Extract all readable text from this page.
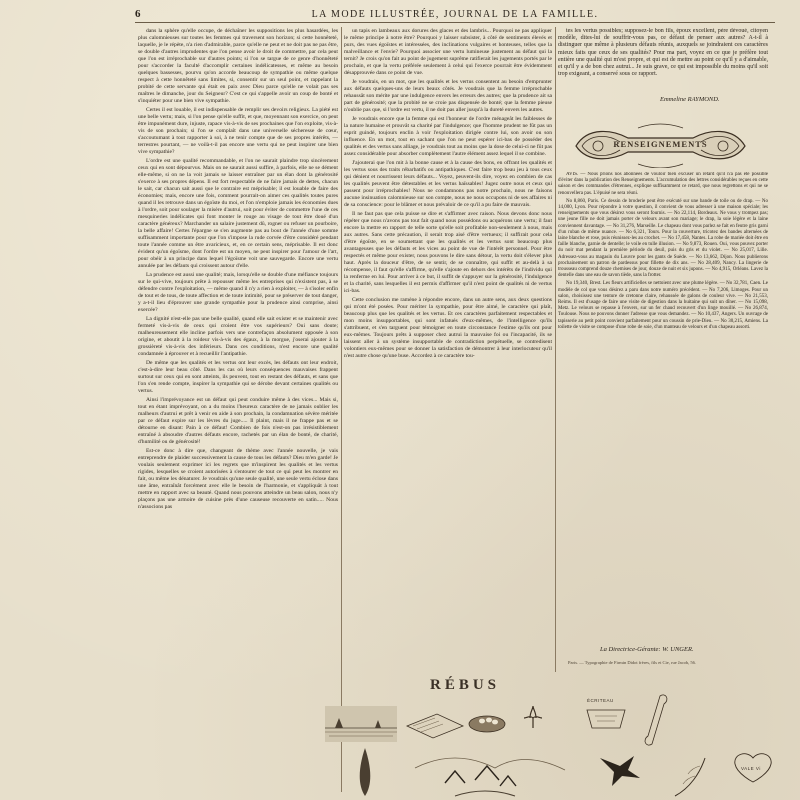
6	LA MODE ILLUSTRÉE, JOURNAL DE LA FAMILLE.

dans la sphère qu'elle occupe, de déchaîner les suppositions les plus hasardées, les plus calomnieuses sur toutes les femmes qui traversent son horizon; si cette honnêteté, laquelle, je le répète, n'a rien d'admirable, parce qu'elle ne peut et ne doit pas ne pas être, se double d'autres imprudentes que l'on pense avoir le droit de commettre, par cela peut que l'on est irréprochable sur d'autres points; si l'on se targue de ce genre d'honnêteté pour s'accorder la faculté d'accomplir certaines indélicatesses, et même au besoin quelques bassesses, pourvu qu'on accorde beaucoup de sympathie ou même quelque respect à cette honnêteté sans limites, si, consentir sur un seul point, et rappelant la probité de cette servante qui était en paix avec Dieu parce qu'elle ne volait pas ses maîtres le dimanche, jour du Seigneur? C'est ce qui s'appelle avoir un coup de bonté et s'inquiéter pour une bien vive sympathie.

Certes il est louable, il est indispensable de remplir ses devoirs religieux. La piété est une belle vertu; mais, si l'on pense qu'elle suffit, et que, moyennant son exercice, on peut être impunément dure, injuste, rapace vis-à-vis de ses prochaines que l'on exploite, vis-à-vis de son prochain; si l'on se complaît dans une universelle sécheresse de cœur, s'accoutumant à tout rapporter à soi, à ne tenir compte que de ses propres intérêts, — terrestres pourtant, — ne voilà-t-il pas encore une vertu qui ne peut inspirer une bien vive sympathie?

L'ordre est une qualité recommandable, et l'on ne saurait plaindre trop sincèrement ceux qui en sont dépourvus. Mais on ne saurait aussi suffire, à parfois, elle ne se dément elle-même, si on ne la voit jamais se laisser entraîner par un élan dont la générosité s'exerce à ses propres dépens. Il est fort respectable de ne faire jamais de dettes, chacun le sait, car chacun sait aussi que le contraire est méprisable; il est louable de faire des économies; mais, encore une fois, comment pourrait-on aimer ces qualités toutes pures quand il les retrouve dans un égoïste du moi, et l'on n'emploie jamais les économies dues à l'ordre, soit pour soulager la misère d'autrui, soit pour éviter de commettre l'une de ces mesquineries indélicates qui font monter le rouge au visage de tout être doué d'un caractère généreux? Marchander un salaire justement dû, rogner ou refuser un pourboire, la belle affaire! Certes l'épargne se s'en augmente pas au bout de l'année d'une somme suffisamment importante pour que l'on s'impose la rude corvée d'être considéré pendant toute l'année comme un être avaricieux, et, en ce certain sens, méprisable. Il est donc évident qu'un égoïsme, dont l'ordre est un moyen, ne peut inspirer pour l'amour de l'art, pour obéir à un principe dans lequel l'égoïsme voit une sauvegarde. Encore une vertu annulée par les défauts qui croissent autour d'elle.

La prudence est aussi une qualité; mais, lorsqu'elle se double d'une méfiance toujours sur le qui-vive, toujours prête à repousser même les entreprises qui n'existent pas, à se défendre contre l'exploitation, — même quand il n'y a rien à exploiter, — à s'isoler enfin de tout et de tous, de toute affection et de toute intimité, pour se préserver de tout danger, y a-t-il lieu d'éprouver une grande sympathie pour la prudence ainsi comprise, ainsi exercée?

La dignité n'est-elle pas une belle qualité, quand elle sait exister et se maintenir avec fermeté vis-à-vis de ceux qui croient être vos supérieurs? Oui sans doute; malheureusement elle incline parfois vers une contrefaçon absolument opposée à son origine, et aboutit à la roideur vis-à-vis des égaux, à la morgue, j'oserai ajouter à la grossièreté vis-à-vis des inférieurs. Dans ces conditions, n'est encore une qualité condamnée à éprouver et à recueillir l'antipathie.

De même que les qualités et les vertus ont leur excès, les défauts ont leur endroit, c'est-à-dire leur beau côté. Dans les cas où leurs conséquences mauvaises frappent surtout sur ceux qui en sont atteints, ils peuvent, tout en restant des défauts, et sans que l'on s'en rende compte, inspirer la sympathie qui se dérobe devant certaines qualités ou vertus.

Ainsi l'imprévoyance est un défaut qui peut conduire même à des vices... Mais si, tout en étant imprévoyant, on a du moins l'heureux caractère de ne jamais oublier les malheurs d'autrui et prêt à venir en aide à son prochain, la condamnation sévère méritée par ce défaut expire sur les lèvres du juge..... Il plaint, mais il ne frappe pas et se détourne en disant: Pain à ce défaut! Combien de fois n'est-on pas irrésistiblement entraîné à absoudre d'autres défauts encore, rachetés par un élan de bonté, de charité, d'humilité ou de générosité!

Est-ce donc à dire que, changeant de thème avec l'année nouvelle, je vais entreprendre de plaider successivement la cause de tous les défauts? Dieu m'en garde! Je voulais seulement exprimer ici les regrets que m'inspirent les qualités et les vertus rigides, lesquelles se croient autorisées à s'entourer de tout ce qui peut les montrer en fait, ou même les dénaturer. Je voudrais qu'une seule qualité, une seule vertu éclose dans une âme, entraînât forcément avec elle le besoin de l'harmonie, et s'appliquât à tout mettre en rapport avec sa beauté. Quand nous pouvons atteindre un beau salon, nous n'y plaçons pas une armoire de cuisine près d'une causeuse recouverte en satin..... Nous n'associons pas

un tapis en lambeaux aux dorures des glaces et des lambris... Pourquoi ne pas appliquer le même principe à notre être? Pourquoi y laisser subsister, à côté de sentiments élevés et purs, des vues égoïstes et intéressées, des inclinations vulgaires et honteuses, telles que la malveillance et l'envie? Pourquoi associer une vertu lumineuse justement au défaut qui la ternit? Je crois qu'on fait au point de jugement suprême ratifierait les jugements portés par le prochain, et que la vertu préférée seulement à celui qui l'exerce pourrait être évidemment désapprouvée dans ce point de vue.

Je voudrais, en un mot, que les qualités et les vertus consentent au besoin d'emprunter aux défauts quelques-uns de leurs beaux côtés. Je voudrais que la femme irréprochable rehaussât son mérite par une indulgence envers les erreurs des autres; que la prudence ait sa part de générosité; que la probité ne se croie pas dispensée de bonté; que la femme pieuse n'oublie pas que, si l'ordre est vertu, il ne doit pas aller jusqu'à la dureté envers les autres.

Je voudrais encore que la femme qui est l'honneur de l'ordre ménageât les faiblesses de la nature humaine et prouvât sa charité par l'indulgence; que l'homme prudent ne fût pas un esprit guindé, toujours enclin à voir l'exploitation dirigée contre lui, son avoir ou son influence. En un mot, tout en sachant que l'on ne peut espérer ici-bas de posséder des qualités et des vertus sans alliage, je voudrais tout au moins que la dose de celui-ci ne fût pas assez considérable pour absorber complètement l'autre élément assez lequel il se combine.

J'ajouterai que l'on mit à la bonne cause et à la cause des bons, en offrant les qualités et les vertus sous des traits rébarbatifs ou antipathiques. C'est faire trop beau jeu à tous ceux qui dénient et nourrissent leurs défauts... Voyez, peuvent-ils dire, voyez en combien de cas les qualités peuvent être détestables et les vertus haïssables! Jugez outre nous et ceux qui passent pour irréprochables! Nous ne condamnons pas notre prochain, nous ne faisons aucune insinuation calomnieuse sur son compte, nous ne nous occupons ni de ses affaires ni de sa conscience: pour le blâmer et nous prévaloir de ce qu'il a pu faire de mauvais.

Il ne faut pas que cela puisse se dire et s'affirmer avec raison. Nous devons donc nous répéter que nous n'avons pas tout fait quand nous possédons ou acquérons une vertu; il faut encore la mettre en rapport de telle sorte qu'elle soit profitable non-seulement à nous, mais aux autres. Sans cette précaution, il serait trop aisé d'être vertueux; il suffirait pour cela d'être égoïste, en se soumettant que les qualités et les vertus sont beaucoup plus avantageuses que les défauts et les vices au point de vue de l'intérêt personnel. Pour être respectés et même pour exister, nous pouvons le dire sans détour, la vertu doit s'élever plus haut. Après la douceur d'être, de se sentir, de se connaître, qui suffit et au-delà à sa récompense, il faut qu'elle s'affirme, qu'elle s'ajoute en dehors des intérêts de l'individu qui la renferme en lui. Pour arriver à ce but, il suffit de s'appuyer sur la générosité, l'indulgence et la charité, sans lesquelles il est permis d'affirmer qu'il n'est point de qualités ni de vertus ici-bas.

Cette conclusion me ramène à répondre encore, dans un autre sens, aux deux questions qui m'ont été posées. Pour mériter la sympathie, pour être aimé, le caractère qui plaît, beaucoup plus que les qualités et les vertus. Et ces caractères parfaitement respectables et mon moins insupportables, qui sont infatués d'eux-mêmes, de l'intelligence qu'ils s'attribuent, et s'en targuent pour témoigner en toute circonstance l'estime qu'ils ont pour eux-mêmes. Toujours prêts à supposer chez autrui la mauvaise foi ou l'incapacité, ils se laissent aller à un système insupportable de contradiction perpétuelle, se contredisent volontiers eux-mêmes pour se donner la satisfaction de démontrer à leur interlocuteur qu'il n'est autre chose qu'une buse. Accordez à ce caractère tou-

tes les vertus possibles; supposez-le bon fils, époux excellent, père dévoué, citoyen modèle, dites-lui de souffrir-vous pas, ce défaut de penser aux autres? A-t-il à distinguer que même à plusieurs défauts réunis, auxquels se joindraient ces caractères mieux faits que ceux de ses qualités? Pour ma part, voyez en ce que je préfère tout entière une qualité qui m'est propre, et qui est de mettre au point ce qu'il y a d'aimable, et qu'il y a de bon chez autrui... Je suis grave, ce qui est impossible du moins qu'il soit trop exigeant, a conservé sous ce rapport.

Emmeline RAYMOND.
RENSEIGNEMENTS

AVIS. — Nous prions nos abonnées de vouloir bien excuser un retard qu'il n'a pas été possible d'éviter dans la publication des Renseignements. L'accumulation des lettres considérables reçues en cette saison et des commandes d'étrennes, explique suffisamment ce retard, que nous regrettons et qui ne se renouvellera pas. L'épuisé ne sera réuni.

No 8,860, Paris. Ce dessin de broderie peut être exécuté sur une bande de toile ou de drap. — No 14,000, Lyon. Pour répondre à votre question, il convient de vous adresser à une maison spéciale; les renseignements que vous désirez vous seront fournis. — No 22,114, Bordeaux. Ne vous y trompez pas; une jeune fille ne doit jamais porter de velours avant son mariage; le drap, la soie légère et la laine conviennent davantage. — No 31,276, Marseille. Le chapeau dont vous parlez se fait en feutre gris garni d'un ruban de même nuance. — No 6,321, Tours. Pour la couverture, tricotez des bandes alternées de laine blanche et rose, puis réunissez-les au crochet. — No 17,458, Nantes. La robe de mariée doit être en faille blanche, garnie de dentelle; le voile en tulle illusion. — No 9,873, Rouen. Oui, vous pouvez porter du noir mat pendant la première période du deuil, puis du gris et du violet. — No 25,017, Lille. Adressez-vous au magasin du Louvre pour les gants de Suède. — No 13,662, Dijon. Nous publierons prochainement un patron de pardessus pour fillette de dix ans. — No 28,409, Nancy. La lingerie de trousseau comprend douze chemises de jour, douze de nuit et six jupons. — No 4,915, Orléans. Lavez la dentelle dans une eau de savon tiède, sans la frotter.

No 19,340, Brest. Les fleurs artificielles se nettoient avec une plume légère. — No 32,781, Caen. Le modèle de col que vous désirez a paru dans notre numéro précédent. — No 7,206, Limoges. Pour un salon, choisissez une tenture de cretonne claire, rehaussée de galons de couleur vive. — No 21,553, Reims. Il est d'usage de faire une visite de digestion dans la huitaine qui suit un dîner. — No 15,098, Metz. Le velours se repasse à l'envers, sur un fer chaud recouvert d'un linge mouillé. — No 26,874, Toulouse. Nous ne pouvons donner l'adresse que vous demandez. — No 10,437, Angers. Un ouvrage de tapisserie au petit point convient parfaitement pour un coussin de prie-Dieu. — No 30,215, Amiens. La toilette de visite se compose d'une robe de soie, d'un manteau de velours et d'un chapeau assorti.

La Directrice-Gérante: W. UNGER.
Paris. — Typographie de Firmin Didot frères, fils et Cie, rue Jacob, 56.
RÉBUS
ÉCRITEAU
VALE Vi
